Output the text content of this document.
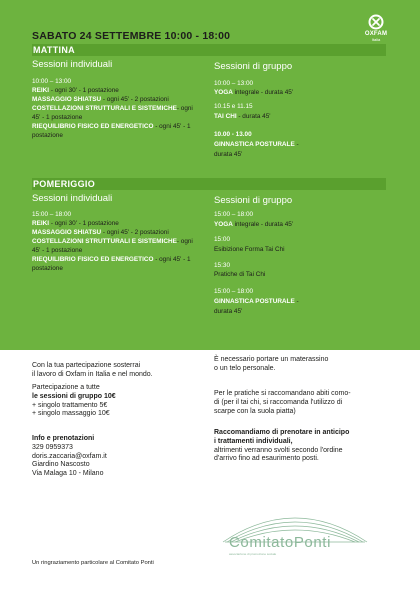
SABATO 24 SETTEMBRE 10:00 - 18:00	OXFAM
Italia
MATTINA
Sessioni individuali	Sessioni di gruppo
10:00 – 13:00
REIKI - ogni 30' - 1 postazione
MASSAGGIO SHIATSU - ogni 45' - 2 postazioni
COSTELLAZIONI STRUTTURALI E SISTEMICHE- ogni
45' - 1 postazione
RIEQUILIBRIO FISICO ED ENERGETICO - ogni 45' - 1
postazione
10:00 – 13:00
YOGA integrale - durata 45'
10.15 e 11.15
TAI CHI - durata 45'
10.00 - 13.00
GINNASTICA POSTURALE -
durata 45'
POMERIGGIO
Sessioni individuali	Sessioni di gruppo
15:00 – 18:00
REIKI - ogni 30' - 1 postazione
MASSAGGIO SHIATSU - ogni 45' - 2 postazioni
COSTELLAZIONI STRUTTURALI E SISTEMICHE- ogni
45' - 1 postazione
RIEQUILIBRIO FISICO ED ENERGETICO - ogni 45' - 1
postazione
15:00 – 18:00
YOGA integrale - durata 45'
15:00
Esibizione Forma Tai Chi
15:30
Pratiche di Tai Chi
15:00 – 18:00
GINNASTICA POSTURALE -
durata 45'
Con la tua partecipazione sosterrai
il lavoro di Oxfam in Italia e nel mondo.
Partecipazione a tutte
le sessioni di gruppo 10€
+ singolo trattamento 5€
+ singolo massaggio 10€
Info e prenotazioni
329 0959373
doris.zaccaria@oxfam.it
Giardino Nascosto
Via Malaga 10 - Milano
Un ringraziamento particolare al Comitato Ponti
È necessario portare un materassino
o un telo personale.
Per le pratiche si raccomandano abiti como-
di (per il tai chi, si raccomanda l'utilizzo di
scarpe con la suola piatta)
Raccomandiamo di prenotare in anticipo
i trattamenti individuali,
altrimenti verranno svolti secondo l'ordine
d'arrivo fino ad esaurimento posti.
ComitatoPonti
associazione di promozione sociale
